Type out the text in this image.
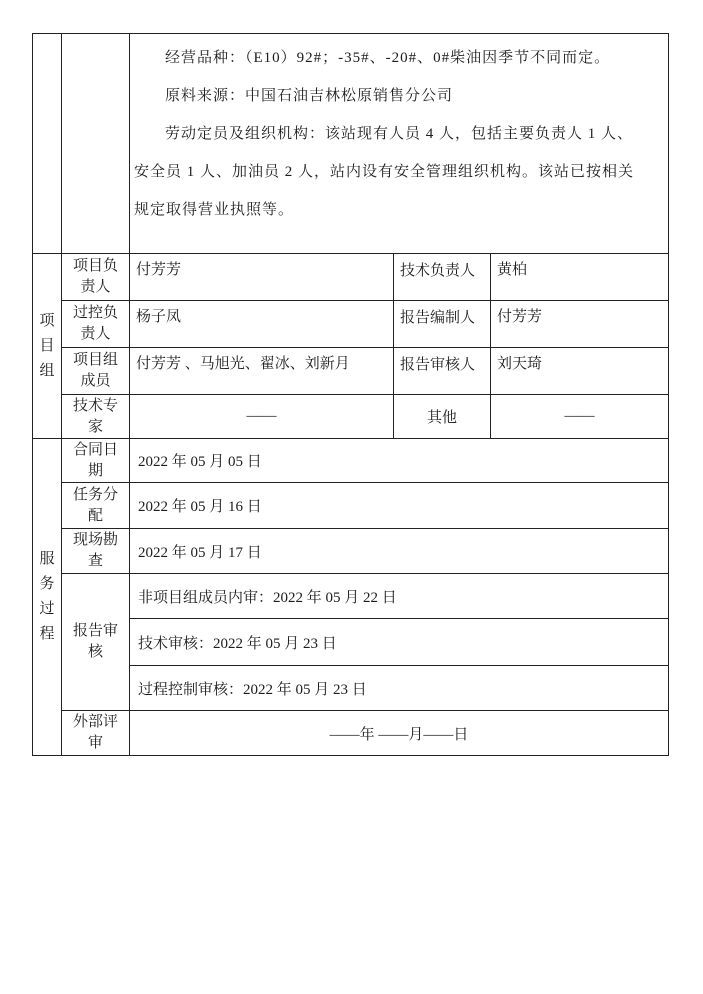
		经营品种：（E10）92#；-35#、-20#、0#柴油因季节不同而定。

原料来源：中国石油吉林松原销售分公司

劳动定员及组织机构：该站现有人员 4 人，包括主要负责人 1 人、安全员 1 人、加油员 2 人，站内设有安全管理组织机构。该站已按相关规定取得营业执照等。		

项目组	项目负责人	付芳芳	技术负责人	黄柏
	过控负责人	杨子凤	报告编制人	付芳芳
	项目组成员	付芳芳 、马旭光、翟冰、刘新月	报告审核人	刘天琦
	技术专家	——	其他	——

服务过程	合同日期	2022 年 05 月 05 日		
	任务分配	2022 年 05 月 16 日		
	现场勘查	2022 年 05 月 17 日		
	报告审核	非项目组成员内审：2022 年 05 月 22 日		
		技术审核：2022 年 05 月 23 日		
		过程控制审核：2022 年 05 月 23 日		
	外部评审	——年 ——月——日		
